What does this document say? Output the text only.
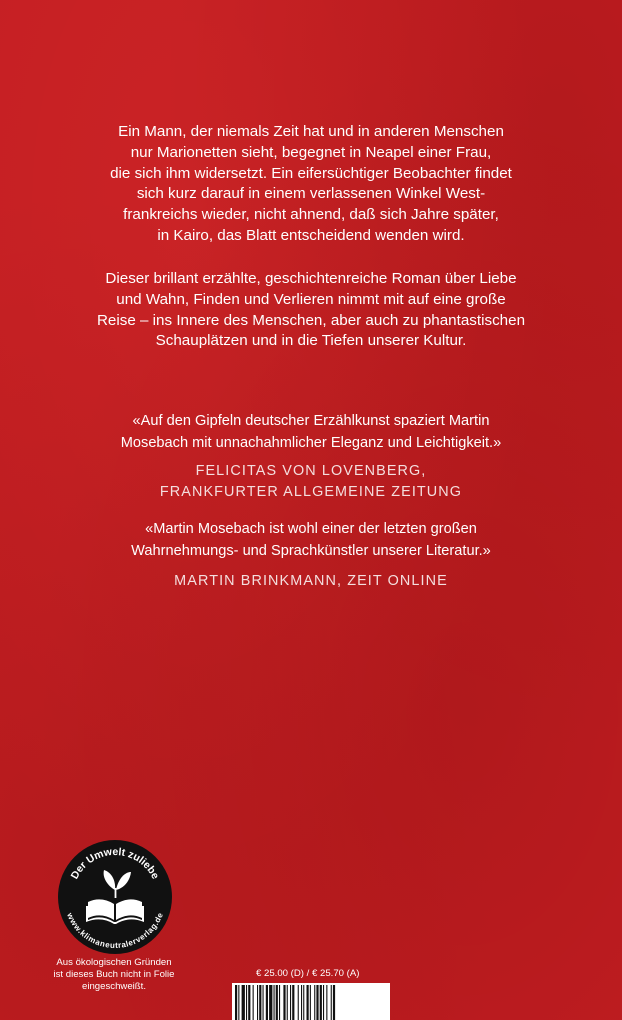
Ein Mann, der niemals Zeit hat und in anderen Menschen
nur Marionetten sieht, begegnet in Neapel einer Frau,
die sich ihm widersetzt. Ein eifersüchtiger Beobachter findet
sich kurz darauf in einem verlassenen Winkel West-
frankreichs wieder, nicht ahnend, daß sich Jahre später,
in Kairo, das Blatt entscheidend wenden wird.

Dieser brillant erzählte, geschichtenreiche Roman über Liebe
und Wahn, Finden und Verlieren nimmt mit auf eine große
Reise – ins Innere des Menschen, aber auch zu phantastischen
Schauplätzen und in die Tiefen unserer Kultur.

«Auf den Gipfeln deutscher Erzählkunst spaziert Martin
Mosebach mit unnachahmlicher Eleganz und Leichtigkeit.»

FELICITAS VON LOVENBERG,
FRANKFURTER ALLGEMEINE ZEITUNG

«Martin Mosebach ist wohl einer der letzten großen
Wahrnehmungs- und Sprachkünstler unserer Literatur.»

MARTIN BRINKMANN, ZEIT ONLINE

Der Umwelt zuliebe
www.klimaneutralerverlag.de

Aus ökologischen Gründen
ist dieses Buch nicht in Folie
eingeschweißt.

€ 25.00 (D) / € 25.70 (A)
